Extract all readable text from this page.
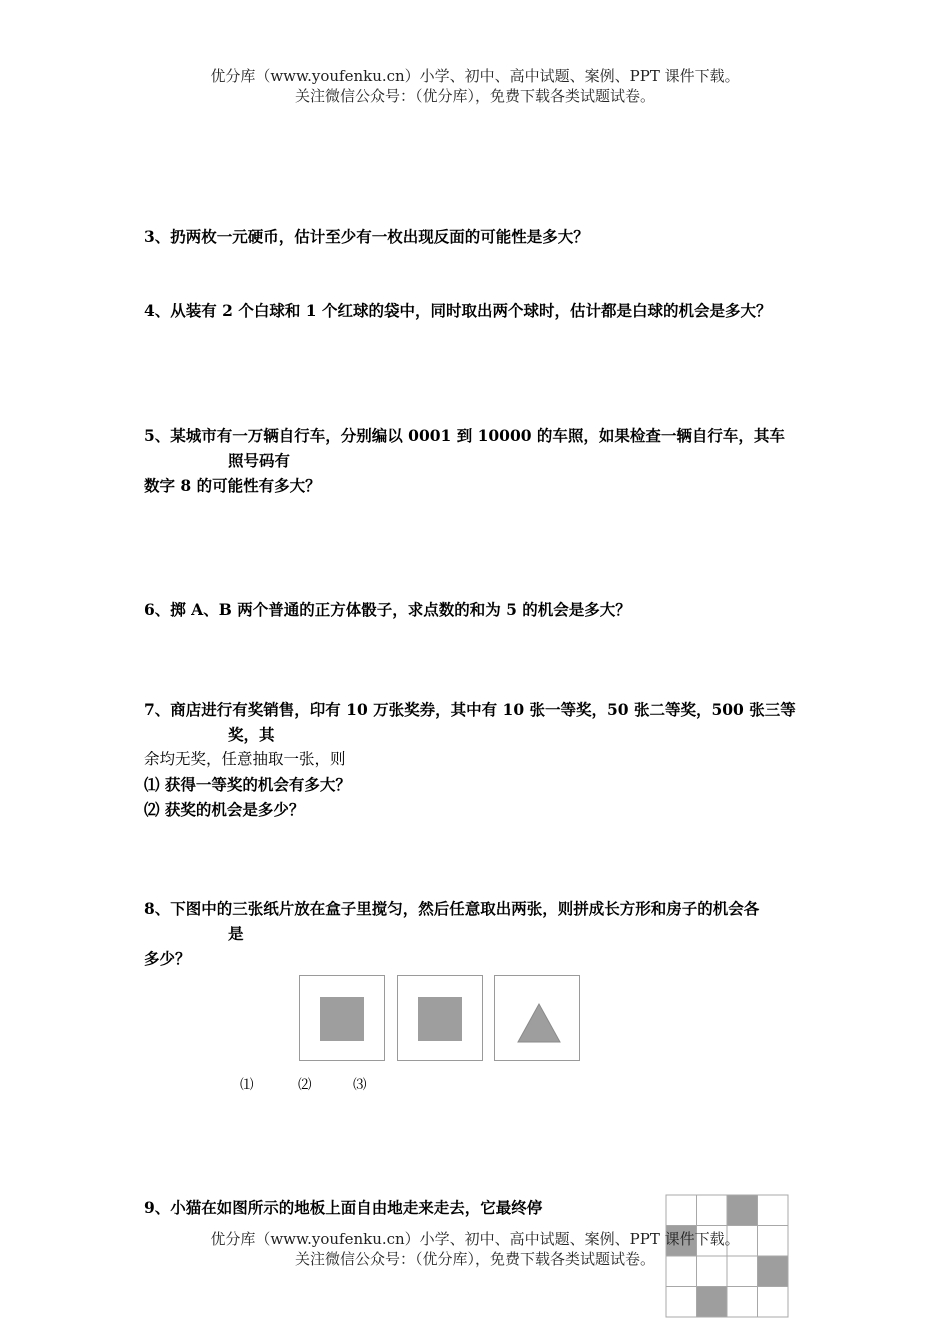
优分库（www.youfenku.cn）小学、初中、高中试题、案例、PPT 课件下载。
关注微信公众号：（优分库），免费下载各类试题试卷。
3、扔两枚一元硬币，估计至少有一枚出现反面的可能性是多大？
4、从装有 2 个白球和 1 个红球的袋中，同时取出两个球时，估计都是白球的机会是多大？
5、某城市有一万辆自行车，分别编以 0001 到 10000 的车照，如果检查一辆自行车，其车
照号码有
数字 8 的可能性有多大？
6、掷 A、B 两个普通的正方体骰子，求点数的和为 5 的机会是多大？
7、商店进行有奖销售，印有 10 万张奖券，其中有 10 张一等奖，50 张二等奖，500 张三等
奖，其
余均无奖，任意抽取一张，则
⑴ 获得一等奖的机会有多大？
⑵ 获奖的机会是多少？
8、下图中的三张纸片放在盒子里搅匀，然后任意取出两张，则拼成长方形和房子的机会各
是
多少？
⑴	⑵	⑶
9、小猫在如图所示的地板上面自由地走来走去，它最终停
优分库（www.youfenku.cn）小学、初中、高中试题、案例、PPT 课件下载。
关注微信公众号：（优分库），免费下载各类试题试卷。
